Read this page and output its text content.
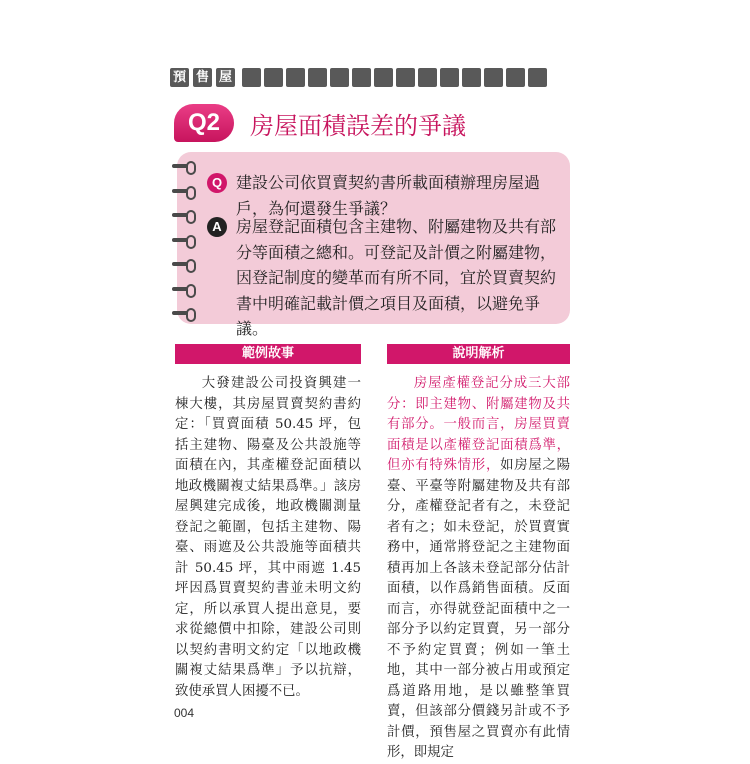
預 售 屋
Q2	房屋面積誤差的爭議
Q 建設公司依買賣契約書所載面積辦理房屋過戶，為何還發生爭議？
A 房屋登記面積包含主建物、附屬建物及共有部分等面積之總和。可登記及計價之附屬建物，因登記制度的變革而有所不同，宜於買賣契約書中明確記載計價之項目及面積，以避免爭議。
範例故事

大發建設公司投資興建一棟大樓，其房屋買賣契約書約定：「買賣面積 50.45 坪，包括主建物、陽臺及公共設施等面積在內，其產權登記面積以地政機關複丈結果爲準。」該房屋興建完成後，地政機關測量登記之範圍，包括主建物、陽臺、雨遮及公共設施等面積共計 50.45 坪，其中雨遮 1.45 坪因爲買賣契約書並未明文約定，所以承買人提出意見，要求從總價中扣除，建設公司則以契約書明文約定「以地政機關複丈結果爲準」予以抗辯，致使承買人困擾不已。

說明解析

房屋產權登記分成三大部分：即主建物、附屬建物及共有部分。一般而言，房屋買賣面積是以產權登記面積爲準，但亦有特殊情形，如房屋之陽臺、平臺等附屬建物及共有部分，產權登記者有之，未登記者有之；如未登記，於買賣實務中，通常將登記之主建物面積再加上各該未登記部分估計面積，以作爲銷售面積。反面而言，亦得就登記面積中之一部分予以約定買賣，另一部分不予約定買賣；例如一筆土地，其中一部分被占用或預定爲道路用地，是以雖整筆買賣，但該部分價錢另計或不予計價，預售屋之買賣亦有此情形，即規定

004
